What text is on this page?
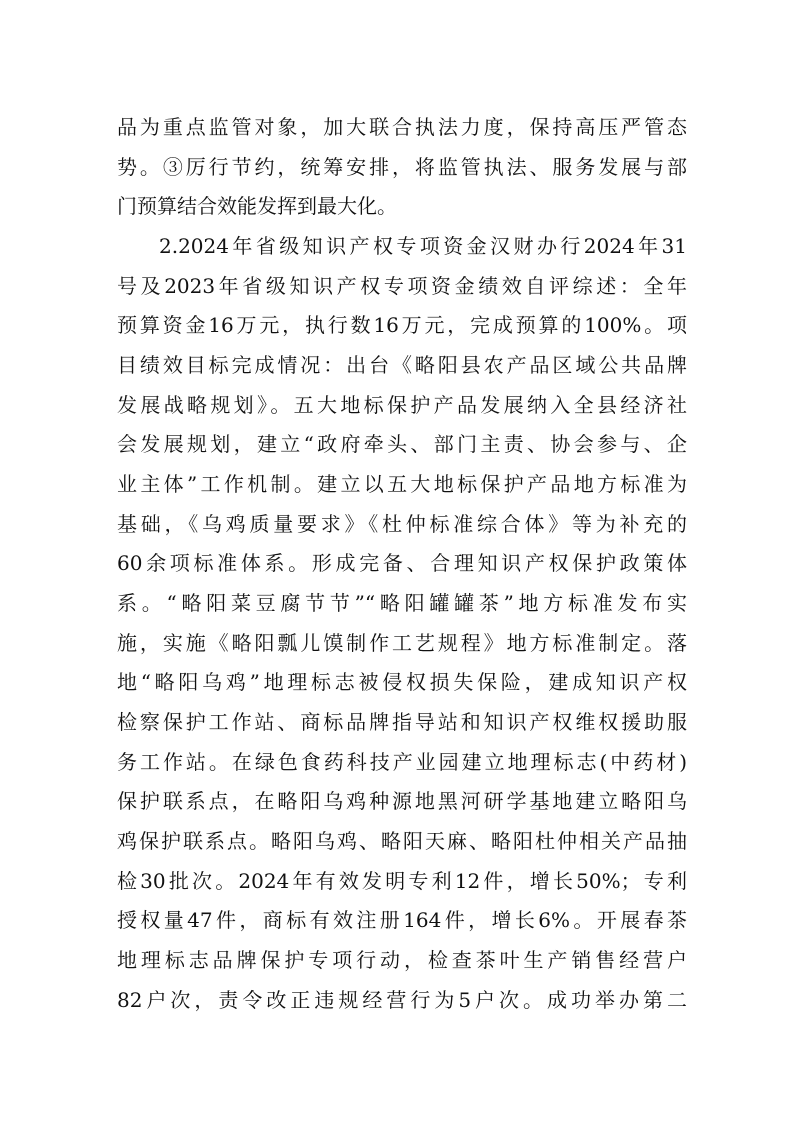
品为重点监管对象，加大联合执法力度，保持高压严管态
势。③厉行节约，统筹安排，将监管执法、服务发展与部
门预算结合效能发挥到最大化。
2.2024年省级知识产权专项资金汉财办行2024年31
号及2023年省级知识产权专项资金绩效自评综述：全年
预算资金16万元，执行数16万元，完成预算的100%。项
目绩效目标完成情况：出台《略阳县农产品区域公共品牌
发展战略规划》。五大地标保护产品发展纳入全县经济社
会发展规划，建立“政府牵头、部门主责、协会参与、企
业主体”工作机制。建立以五大地标保护产品地方标准为
基础，《乌鸡质量要求》《杜仲标准综合体》等为补充的
60余项标准体系。形成完备、合理知识产权保护政策体
系。“略阳菜豆腐节节”“略阳罐罐茶”地方标准发布实
施，实施《略阳瓢儿馍制作工艺规程》地方标准制定。落
地“略阳乌鸡”地理标志被侵权损失保险，建成知识产权
检察保护工作站、商标品牌指导站和知识产权维权援助服
务工作站。在绿色食药科技产业园建立地理标志(中药材)
保护联系点，在略阳乌鸡种源地黑河研学基地建立略阳乌
鸡保护联系点。略阳乌鸡、略阳天麻、略阳杜仲相关产品抽
检30批次。2024年有效发明专利12件，增长50%；专利
授权量47件，商标有效注册164件，增长6%。开展春茶
地理标志品牌保护专项行动，检查茶叶生产销售经营户
82户次，责令改正违规经营行为5户次。成功举办第二
